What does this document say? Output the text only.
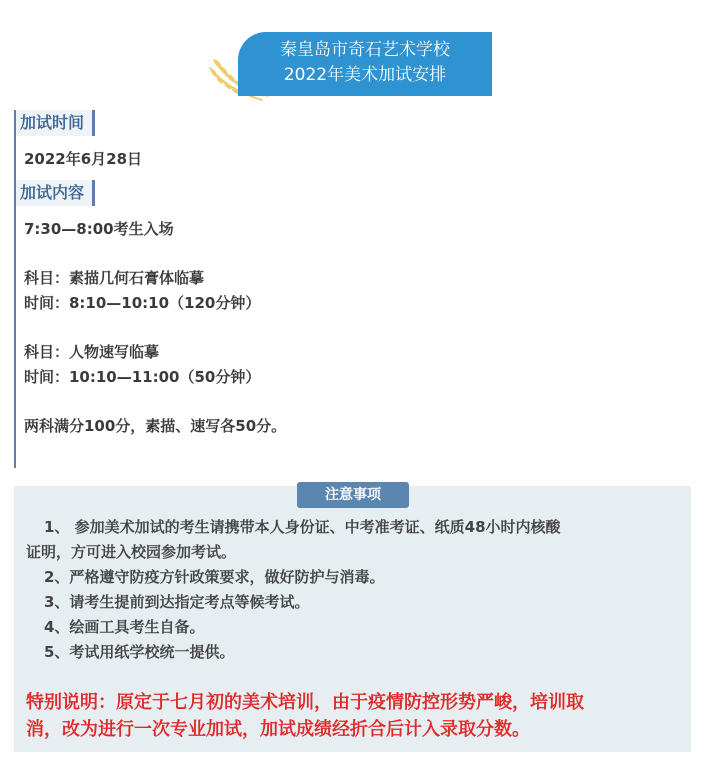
秦皇岛市奇石艺术学校
2022年美术加试安排
加试时间
2022年6月28日
加试内容
7:30—8:00考生入场
科目：素描几何石膏体临摹
时间：8:10—10:10（120分钟）
科目：人物速写临摹
时间：10:10—11:00（50分钟）
两科满分100分，素描、速写各50分。
注意事项
1、 参加美术加试的考生请携带本人身份证、中考准考证、纸质48小时内核酸
证明，方可进入校园参加考试。
2、严格遵守防疫方针政策要求，做好防护与消毒。
3、请考生提前到达指定考点等候考试。
4、绘画工具考生自备。
5、考试用纸学校统一提供。
特别说明：原定于七月初的美术培训，由于疫情防控形势严峻，培训取
消，改为进行一次专业加试，加试成绩经折合后计入录取分数。
